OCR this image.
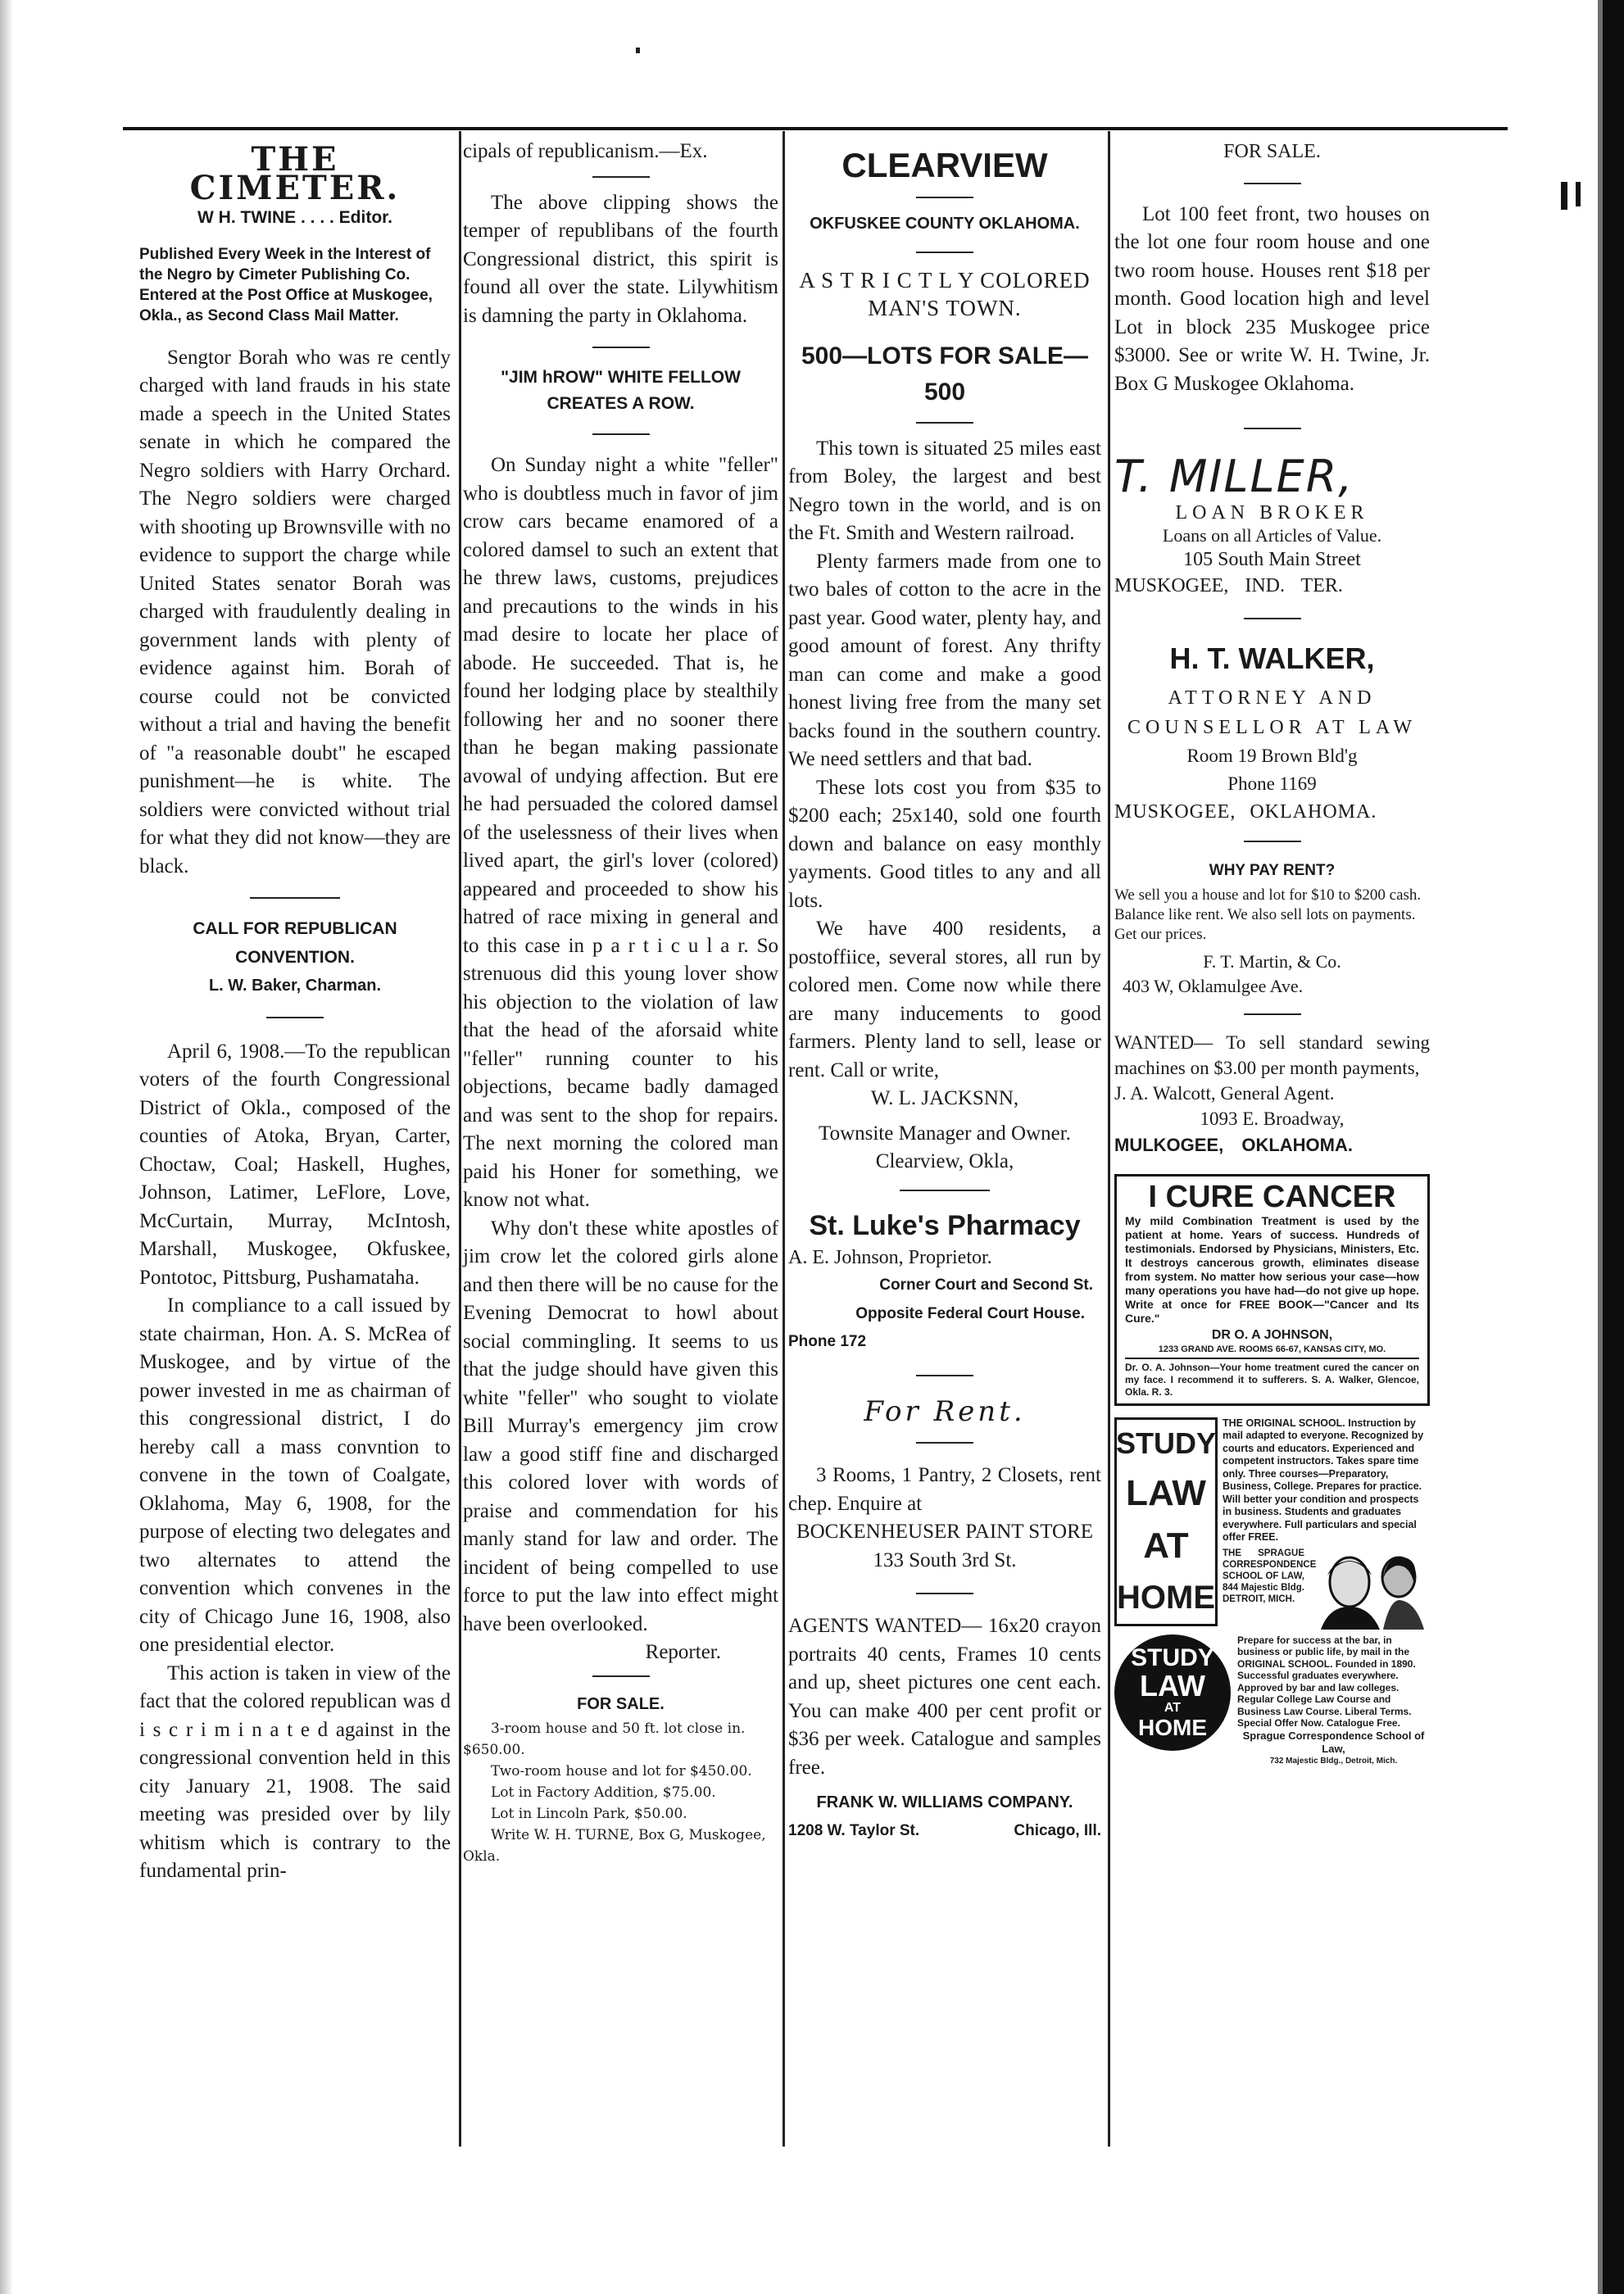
THE CIMETER.
W H. TWINE . . . . Editor.
Published Every Week in the Interest of the Negro by Cimeter Publishing Co. Entered at the Post Office at Muskogee, Okla., as Second Class Mail Matter.

Sengtor Borah who was re cently charged with land frauds in his state made a speech in the United States senate in which he compared the Negro soldiers with Harry Orchard. The Negro soldiers were charged with shooting up Brownsville with no evidence to support the charge while United States senator Borah was charged with fraudulently dealing in government lands with plenty of evidence against him. Borah of course could not be convicted without a trial and having the benefit of "a reasonable doubt" he escaped punishment—he is white. The soldiers were convicted without trial for what they did not know—they are black.

CALL FOR REPUBLICAN CONVENTION.
L. W. Baker, Charman.

April 6, 1908.—To the republican voters of the fourth Congressional District of Okla., composed of the counties of Atoka, Bryan, Carter, Choctaw, Coal; Haskell, Hughes, Johnson, Latimer, LeFlore, Love, McCurtain, Murray, McIntosh, Marshall, Muskogee, Okfuskee, Pontotoc, Pittsburg, Pushamataha.

In compliance to a call issued by state chairman, Hon. A. S. McRea of Muskogee, and by virtue of the power invested in me as chairman of this congressional district, I do hereby call a mass convntion to convene in the town of Coalgate, Oklahoma, May 6, 1908, for the purpose of electing two delegates and two alternates to attend the convention which convenes in the city of Chicago June 16, 1908, also one presidential elector.

This action is taken in view of the fact that the colored republican was d i s c r i m i n a t e d against in the congressional convention held in this city January 21, 1908. The said meeting was presided over by lily whitism which is contrary to the fundamental prin-

cipals of republicanism.—Ex.

The above clipping shows the temper of republibans of the fourth Congressional district, this spirit is found all over the state. Lilywhitism is damning the party in Oklahoma.

"JIM hROW" WHITE FELLOW CREATES A ROW.

On Sunday night a white "feller" who is doubtless much in favor of jim crow cars became enamored of a colored damsel to such an extent that he threw laws, customs, prejudices and precautions to the winds in his mad desire to locate her place of abode. He succeeded. That is, he found her lodging place by stealthily following her and no sooner there than he began making passionate avowal of undying affection. But ere he had persuaded the colored damsel of the uselessness of their lives when lived apart, the girl's lover (colored) appeared and proceeded to show his hatred of race mixing in general and to this case in p a r t i c u l a r. So strenuous did this young lover show his objection to the violation of law that the head of the aforsaid white "feller" running counter to his objections, became badly damaged and was sent to the shop for repairs. The next morning the colored man paid his Honer for something, we know not what.

Why don't these white apostles of jim crow let the colored girls alone and then there will be no cause for the Evening Democrat to howl about social commingling. It seems to us that the judge should have given this white "feller" who sought to violate Bill Murray's emergency jim crow law a good stiff fine and discharged this colored lover with words of praise and commendation for his manly stand for law and order. The incident of being compelled to use force to put the law into effect might have been overlooked.

Reporter.

FOR SALE.
3-room house and 50 ft. lot close in. $650.00.
Two-room house and lot for $450.00.
Lot in Factory Addition, $75.00.
Lot in Lincoln Park, $50.00.
Write W. H. TURNE, Box G, Muskogee, Okla.
CLEARVIEW
OKFUSKEE COUNTY OKLAHOMA.
A S T R I C T L Y COLORED MAN'S TOWN.
500—LOTS FOR SALE—500

This town is situated 25 miles east from Boley, the largest and best Negro town in the world, and is on the Ft. Smith and Western railroad.

Plenty farmers made from one to two bales of cotton to the acre in the past year. Good water, plenty hay, and good amount of forest. Any thrifty man can come and make a good honest living free from the many set backs found in the southern country. We need settlers and that bad.

These lots cost you from $35 to $200 each; 25x140, sold one fourth down and balance on easy monthly yayments. Good titles to any and all lots.

We have 400 residents, a postoffiice, several stores, all run by colored men. Come now while there are many inducements to good farmers. Plenty land to sell, lease or rent. Call or write,

W. L. JACKSNN,
Townsite Manager and Owner.
Clearview, Okla,
St. Luke's Pharmacy
A. E. Johnson, Proprietor.
Corner Court and Second St.
Opposite Federal Court House.
Phone 172
For Rent.

3 Rooms, 1 Pantry, 2 Closets, rent chep. Enquire at

BOCKENHEUSER PAINT STORE 133 South 3rd St.

AGENTS WANTED— 16x20 crayon portraits 40 cents, Frames 10 cents and up, sheet pictures one cent each. You can make 400 per cent profit or $36 per week. Catalogue and samples free.

FRANK W. WILLIAMS COMPANY.
1208 W. Taylor St.	Chicago, Ill.
FOR SALE.

Lot 100 feet front, two houses on the lot one four room house and one two room house. Houses rent $18 per month. Good location high and level Lot in block 235 Muskogee price $3000. See or write W. H. Twine, Jr. Box G Muskogee Oklahoma.

T. MILLER,
LOAN BROKER
Loans on all Articles of Value.
105 South Main Street
MUSKOGEE, IND. TER.
H. T. WALKER,
ATTORNEY AND
COUNSELLOR AT LAW
Room 19 Brown Bld'g
Phone 1169
MUSKOGEE, OKLAHOMA.
WHY PAY RENT?
We sell you a house and lot for $10 to $200 cash. Balance like rent. We also sell lots on payments. Get our prices.
F. T. Martin, & Co.
403 W, Oklamulgee Ave.

WANTED— To sell standard sewing machines on $3.00 per month payments,

J. A. Walcott, General Agent.
1093 E. Broadway,
MULKOGEE, OKLAHOMA.
I CURE CANCER
My mild Combination Treatment is used by the patient at home. Years of success. Hundreds of testimonials. Endorsed by Physicians, Ministers, Etc. It destroys cancerous growth, eliminates disease from system. No matter how serious your case—how many operations you have had—do not give up hope. Write at once for FREE BOOK—"Cancer and Its Cure."
DR O. A JOHNSON,
1233 GRAND AVE. ROOMS 66-67, KANSAS CITY, MO.
Dr. O. A. Johnson—Your home treatment cured the cancer on my face. I recommend it to sufferers. S. A. Walker, Glencoe, Okla. R. 3.
STUDY
LAW
AT
HOME
THE ORIGINAL SCHOOL. Instruction by mail adapted to everyone. Recognized by courts and educators. Experienced and competent instructors. Takes spare time only. Three courses—Preparatory, Business, College. Prepares for practice. Will better your condition and prospects in business. Students and graduates everywhere. Full particulars and special offer FREE.
THE SPRAGUE CORRESPONDENCE SCHOOL OF LAW, 844 Majestic Bldg. DETROIT, MICH.
STUDY
LAW
AT
HOME
Prepare for success at the bar, in business or public life, by mail in the ORIGINAL SCHOOL. Founded in 1890. Successful graduates everywhere. Approved by bar and law colleges. Regular College Law Course and Business Law Course. Liberal Terms. Special Offer Now. Catalogue Free.
Sprague Correspondence School of Law,
732 Majestic Bldg., Detroit, Mich.
